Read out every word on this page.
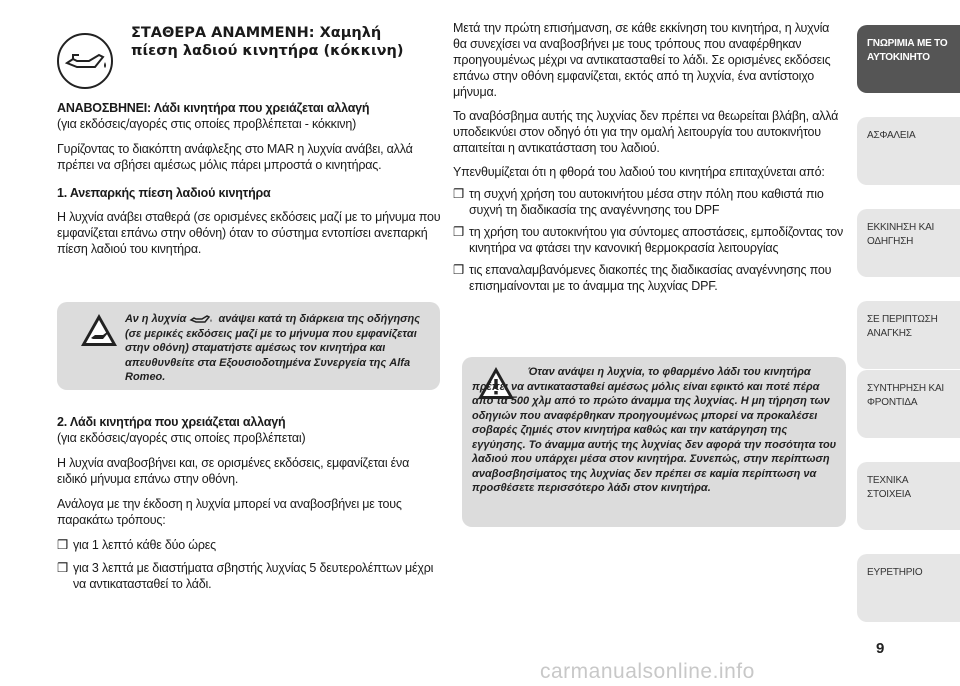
ΣΤΑΘΕΡΑ ΑΝΑΜΜΕΝΗ: Χαμηλή
πίεση λαδιού κινητήρα (κόκκινη)

ΑΝΑΒΟΣΒΗΝΕΙ: Λάδι κινητήρα που χρειάζεται αλλαγή

(για εκδόσεις/αγορές στις οποίες προβλέπεται - κόκκινη)

Γυρίζοντας το διακόπτη ανάφλεξης στο MAR η λυχνία ανάβει, αλλά πρέπει να σβήσει αμέσως μόλις πάρει μπροστά ο κινητήρας.

1. Ανεπαρκής πίεση λαδιού κινητήρα

Η λυχνία ανάβει σταθερά (σε ορισμένες εκδόσεις μαζί με το μήνυμα που εμφανίζεται επάνω στην οθόνη) όταν το σύστημα εντοπίσει ανεπαρκή πίεση λαδιού του κινητήρα.

Αν η λυχνία	ανάψει κατά τη διάρκεια της οδήγησης (σε μερικές εκδόσεις μαζί με το μήνυμα που εμφανίζεται στην οθόνη) σταματήστε αμέσως τον κινητήρα και απευθυνθείτε στα Εξουσιοδοτημένα Συνεργεία της Alfa Romeo.

2. Λάδι κινητήρα που χρειάζεται αλλαγή

(για εκδόσεις/αγορές στις οποίες προβλέπεται)

Η λυχνία αναβοσβήνει και, σε ορισμένες εκδόσεις, εμφανίζεται ένα ειδικό μήνυμα επάνω στην οθόνη.

Ανάλογα με την έκδοση η λυχνία μπορεί να αναβοσβήνει με τους παρακάτω τρόπους:

❒ για 1 λεπτό κάθε δύο ώρες

❒ για 3 λεπτά με διαστήματα σβηστής λυχνίας 5 δευτερολέπτων μέχρι να αντικατασταθεί το λάδι.

Μετά την πρώτη επισήμανση, σε κάθε εκκίνηση του κινητήρα, η λυχνία θα συνεχίσει να αναβοσβήνει με τους τρόπους που αναφέρθηκαν προηγουμένως μέχρι να αντικατασταθεί το λάδι. Σε ορισμένες εκδόσεις επάνω στην οθόνη εμφανίζεται, εκτός από τη λυχνία, ένα αντίστοιχο μήνυμα.

Το αναβόσβημα αυτής της λυχνίας δεν πρέπει να θεωρείται βλάβη, αλλά υποδεικνύει στον οδηγό ότι για την ομαλή λειτουργία του αυτοκινήτου απαιτείται η αντικατάσταση του λαδιού.

Υπενθυμίζεται ότι η φθορά του λαδιού του κινητήρα επιταχύνεται από:

❒ τη συχνή χρήση του αυτοκινήτου μέσα στην πόλη που καθιστά πιο συχνή τη διαδικασία της αναγέννησης του DPF

❒ τη χρήση του αυτοκινήτου για σύντομες αποστάσεις, εμποδίζοντας τον κινητήρα να φτάσει την κανονική θερμοκρασία λειτουργίας

❒ τις επαναλαμβανόμενες διακοπές της διαδικασίας αναγέννησης που επισημαίνονται με το άναμμα της λυχνίας DPF.

Όταν ανάψει η λυχνία, το φθαρμένο λάδι του κινητήρα πρέπει να αντικατασταθεί αμέσως μόλις είναι εφικτό και ποτέ πέρα από τα 500 χλμ από το πρώτο άναμμα της λυχνίας. Η μη τήρηση των οδηγιών που αναφέρθηκαν προηγουμένως μπορεί να προκαλέσει σοβαρές ζημιές στον κινητήρα καθώς και την κατάργηση της εγγύησης. Το άναμμα αυτής της λυχνίας δεν αφορά την ποσότητα του λαδιού που υπάρχει μέσα στον κινητήρα. Συνεπώς, στην περίπτωση αναβοσβησίματος της λυχνίας δεν πρέπει σε καμία περίπτωση να προσθέσετε περισσότερο λάδι στον κινητήρα.
ΓΝΩΡΙΜΙΑ ΜΕ ΤΟ ΑΥΤΟΚΙΝΗΤΟ
ΑΣΦΑΛΕΙΑ
ΕΚΚΙΝΗΣΗ ΚΑΙ ΟΔΗΓΗΣΗ
ΣΕ ΠΕΡΙΠΤΩΣΗ ΑΝΑΓΚΗΣ
ΣΥΝΤΗΡΗΣΗ ΚΑΙ ΦΡΟΝΤΙΔΑ
ΤΕΧΝΙΚΑ ΣΤΟΙΧΕΙΑ
ΕΥΡΕΤΗΡΙΟ
9
carmanualsonline.info
